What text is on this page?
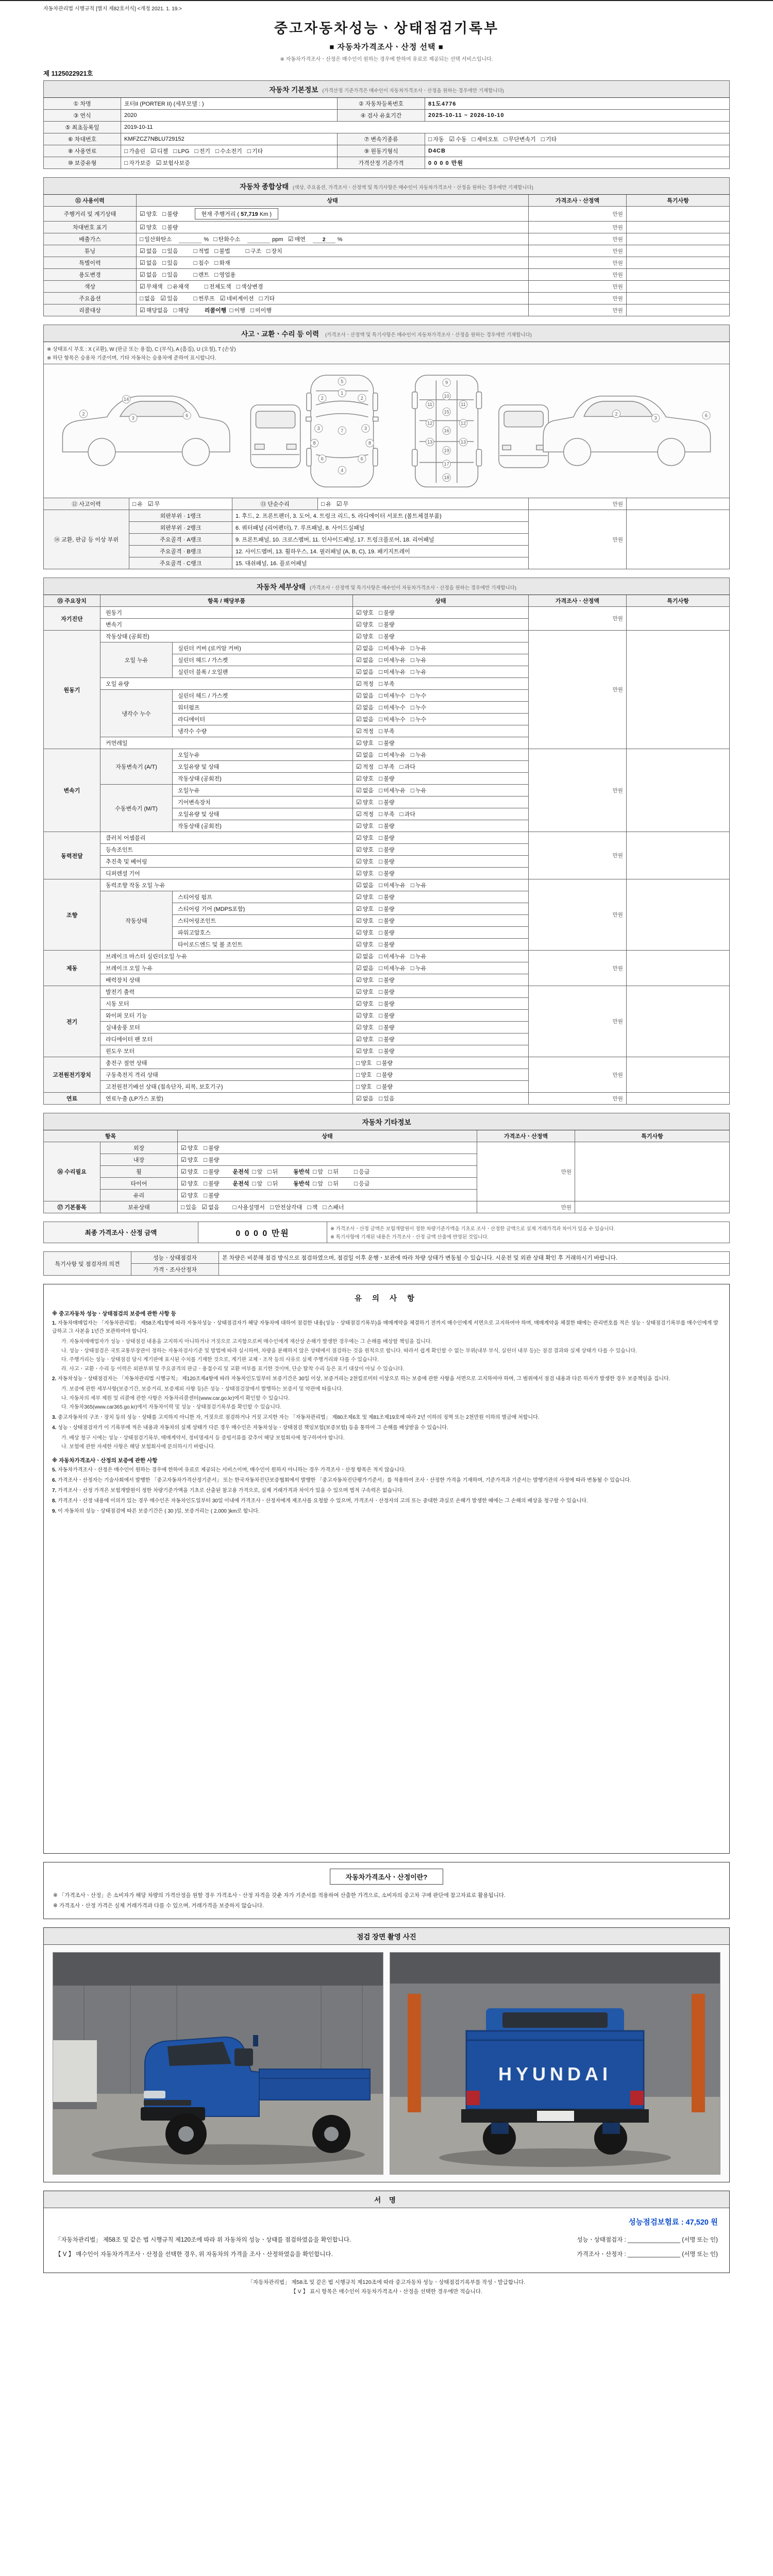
자동차관리법 시행규칙 [별지 제82호서식] <개정 2021. 1. 19.>
중고자동차성능ㆍ상태점검기록부
■ 자동차가격조사ㆍ산정 선택 ■
※ 자동차가격조사ㆍ산정은 매수인이 원하는 경우에 한하여 유료로 제공되는 선택 서비스입니다.
제 1125022921호
자동차 기본정보 (가격산정 기준가격은 매수인이 자동차가격조사ㆍ산정을 원하는 경우에만 기재합니다)			
① 차명	포터II (PORTER II) (세부모델 : )	② 자동차등록번호	81도4776
③ 연식	2020	④ 검사 유효기간	2025-10-11 ~ 2026-10-10
⑤ 최초등록일	2019-10-11		
⑥ 차대번호	KMFZCZ7NBLU729152	⑦ 변속기종류	□ 자동 ☑ 수동 □ 세미오토 □ 무단변속기 □ 기타
⑧ 사용연료	□ 가솔린 ☑ 디젤 □ LPG □ 전기 □ 수소전기 □ 기타	⑨ 원동기형식	D4CB
⑩ 보증유형	□ 자가보증 ☑ 보험사보증	가격산정 기준가격	0 0 0 0 만원
자동차 종합상태 (색상, 주요옵션, 가격조사ㆍ산정액 및 특기사항은 매수인이 자동차가격조사ㆍ산정을 원하는 경우에만 기재합니다)			
⑪ 사용이력	상태	가격조사ㆍ산정액	특기사항
주행거리 및 계기상태	☑ 양호 □ 불량 현재 주행거리 ( 57,719 Km )	만원	
차대번호 표기	☑ 양호 □ 불량	만원	
배출가스	□ 일산화탄소 %   □ 탄화수소 ppm   ☑ 매연 2 %	만원	
튜닝	☑ 없음 □ 있음 □ 적법 □ 불법 □ 구조 □ 장치	만원	
특별이력	☑ 없음 □ 있음 □ 침수 □ 화재	만원	
용도변경	☑ 없음 □ 있음 □ 렌트 □ 영업용	만원	
색상	☑ 무채색 □ 유채색 □ 전체도색 □ 색상변경	만원	
주요옵션	□ 없음 ☑ 있음 □ 썬루프 ☑ 네비게이션 □ 기타	만원	
리콜대상	☑ 해당없음 □ 해당 리콜이행 □ 이행 □ 미이행	만원	
사고ㆍ교환ㆍ수리 등 이력 (가격조사ㆍ산정액 및 특기사항은 매수인이 자동차가격조사ㆍ산정을 원하는 경우에만 기재합니다)					

※ 상태표시 부호 : X (교환), W (판금 또는 용접), C (부식), A (흠집), U (요철), T (손상)
※ 하단 항목은 승용차 기준이며, 기타 자동차는 승용차에 준하여 표시합니다.					

2
3
6
14
5
1
2	2
3	3
7
6	6
4
8	8
9
10
11	11
15
12	12
16
13	13
19
17
18
2
3
6

⑫ 사고이력	□ 유 ☑ 무	⑬ 단순수리	□ 유 ☑ 무	만원	
⑭ 교환, 판금 등 이상 부위	외판부위 · 1랭크	1. 후드, 2. 프론트펜더, 3. 도어, 4. 트렁크 리드, 5. 라디에이터 서포트 (볼트체결부품)		만원	
	외판부위 · 2랭크	6. 쿼터패널 (리어펜더), 7. 루프패널, 8. 사이드실패널			
	주요골격 · A랭크	9. 프론트패널, 10. 크로스멤버, 11. 인사이드패널, 17. 트렁크플로어, 18. 리어패널			
	주요골격 · B랭크	12. 사이드멤버, 13. 휠하우스, 14. 필러패널 (A, B, C), 19. 패키지트레이			
	주요골격 · C랭크	15. 대쉬패널, 16. 플로어패널			
자동차 세부상태 (가격조사ㆍ산정액 및 특기사항은 매수인이 자동차가격조사ㆍ산정을 원하는 경우에만 기재합니다)					
⑮ 주요장치	항목 / 해당부품		상태	가격조사ㆍ산정액	특기사항
자기진단	원동기		☑ 양호 □ 불량	만원	
	변속기		☑ 양호 □ 불량		
원동기	작동상태 (공회전)		☑ 양호 □ 불량	만원	
	오일 누유	실린더 커버 (로커암 커버)	☑ 없음 □ 미세누유 □ 누유		
		실린더 헤드 / 가스켓	☑ 없음 □ 미세누유 □ 누유		
		실린더 블록 / 오일팬	☑ 없음 □ 미세누유 □ 누유		
	오일 유량		☑ 적정 □ 부족		
	냉각수 누수	실린더 헤드 / 가스켓	☑ 없음 □ 미세누수 □ 누수		
		워터펌프	☑ 없음 □ 미세누수 □ 누수		
		라디에이터	☑ 없음 □ 미세누수 □ 누수		
		냉각수 수량	☑ 적정 □ 부족		
	커먼레일		☑ 양호 □ 불량		
변속기	자동변속기 (A/T)	오일누유	☑ 없음 □ 미세누유 □ 누유	만원	
		오일유량 및 상태	☑ 적정 □ 부족 □ 과다		
		작동상태 (공회전)	☑ 양호 □ 불량		
	수동변속기 (M/T)	오일누유	☑ 없음 □ 미세누유 □ 누유		
		기어변속장치	☑ 양호 □ 불량		
		오일유량 및 상태	☑ 적정 □ 부족 □ 과다		
		작동상태 (공회전)	☑ 양호 □ 불량		
동력전달	클러치 어셈블리		☑ 양호 □ 불량	만원	
	등속조인트		☑ 양호 □ 불량		
	추진축 및 베어링		☑ 양호 □ 불량		
	디퍼렌셜 기어		☑ 양호 □ 불량		
조향	동력조향 작동 오일 누유		☑ 없음 □ 미세누유 □ 누유	만원	
	작동상태	스티어링 펌프	☑ 양호 □ 불량		
		스티어링 기어 (MDPS포함)	☑ 양호 □ 불량		
		스티어링조인트	☑ 양호 □ 불량		
		파워고압호스	☑ 양호 □ 불량		
		타이로드엔드 및 볼 조인트	☑ 양호 □ 불량		
제동	브레이크 마스터 실린더오일 누유		☑ 없음 □ 미세누유 □ 누유	만원	
	브레이크 오일 누유		☑ 없음 □ 미세누유 □ 누유		
	배력장치 상태		☑ 양호 □ 불량		
전기	발전기 출력		☑ 양호 □ 불량	만원	
	시동 모터		☑ 양호 □ 불량		
	와이퍼 모터 기능		☑ 양호 □ 불량		
	실내송풍 모터		☑ 양호 □ 불량		
	라디에이터 팬 모터		☑ 양호 □ 불량		
	윈도우 모터		☑ 양호 □ 불량		
고전원전기장치	충전구 절연 상태		□ 양호 □ 불량	만원	
	구동축전지 격리 상태		□ 양호 □ 불량		
	고전원전기배선 상태 (접속단자, 피복, 보호기구)		□ 양호 □ 불량		
연료	연료누출 (LP가스 포함)		☑ 없음 □ 있음	만원	
자동차 기타정보				
항목		상태	가격조사ㆍ산정액	특기사항
⑯ 수리필요	외장	☑ 양호 □ 불량	만원	
	내장	☑ 양호 □ 불량		
	휠	☑ 양호 □ 불량 운전석 □ 앞 □ 뒤 동반석 □ 앞 □ 뒤 □ 응급		
	타이어	☑ 양호 □ 불량 운전석 □ 앞 □ 뒤 동반석 □ 앞 □ 뒤 □ 응급		
	유리	☑ 양호 □ 불량		
⑰ 기본품목	보유상태	□ 있음 ☑ 없음 □ 사용설명서 □ 안전삼각대 □ 잭 □ 스패너	만원	
최종 가격조사ㆍ산정 금액	0 0 0 0 만원	※ 가격조사ㆍ산정 금액은 보험개발원이 정한 차량기준가액을 기초로 조사ㆍ산정한 금액으로 실제 거래가격과 차이가 있을 수 있습니다.
※ 특기사항에 기재된 내용은 가격조사ㆍ산정 금액 산출에 반영된 것입니다.
특기사항 및 점검자의 의견	성능ㆍ상태점검자	본 차량은 비분해 점검 방식으로 점검하였으며, 점검일 이후 운행ㆍ보관에 따라 차량 상태가 변동될 수 있습니다. 시운전 및 외관 상태 확인 후 거래하시기 바랍니다.
	가격ㆍ조사산정자	
유 의 사 항
※ 중고자동차 성능ㆍ상태점검의 보증에 관한 사항 등
1. 자동차매매업자는 「자동차관리법」 제58조제1항에 따라 자동차성능ㆍ상태점검자가 해당 자동차에 대하여 점검한 내용(성능ㆍ상태점검기록부)을 매매계약을 체결하기 전까지 매수인에게 서면으로 고지하여야 하며, 매매계약을 체결한 때에는 관리번호를 적은 성능ㆍ상태점검기록부를 매수인에게 발급하고 그 사본을 1년간 보관하여야 합니다.
가. 자동차매매업자가 성능ㆍ상태점검 내용을 고지하지 아니하거나 거짓으로 고지함으로써 매수인에게 재산상 손해가 발생한 경우에는 그 손해를 배상할 책임을 집니다.
나. 성능ㆍ상태점검은 국토교통부장관이 정하는 자동차검사기준 및 방법에 따라 실시하며, 차량을 분해하지 않은 상태에서 점검하는 것을 원칙으로 합니다. 따라서 쉽게 확인할 수 없는 부위(내부 부식, 실린더 내부 등)는 점검 결과와 실제 상태가 다를 수 있습니다.
다. 주행거리는 성능ㆍ상태점검 당시 계기판에 표시된 수치를 기재한 것으로, 계기판 교체ㆍ조작 등의 사유로 실제 주행거리와 다를 수 있습니다.
라. 사고ㆍ교환ㆍ수리 등 이력은 외판부위 및 주요골격의 판금ㆍ용접수리 및 교환 여부를 표기한 것이며, 단순 탈착 수리 등은 표기 대상이 아닐 수 있습니다.
2. 자동차성능ㆍ상태점검자는 「자동차관리법 시행규칙」 제120조제4항에 따라 자동차인도일부터 보증기간은 30일 이상, 보증거리는 2천킬로미터 이상으로 하는 보증에 관한 사항을 서면으로 고지하여야 하며, 그 범위에서 점검 내용과 다른 하자가 발생한 경우 보증책임을 집니다.
가. 보증에 관한 세부사항(보증기간, 보증거리, 보증제외 사항 등)은 성능ㆍ상태점검장에서 발행하는 보증서 및 약관에 따릅니다.
나. 자동차의 세부 제원 및 리콜에 관한 사항은 자동차리콜센터(www.car.go.kr)에서 확인할 수 있습니다.
다. 자동차365(www.car365.go.kr)에서 자동차이력 및 성능ㆍ상태점검기록부를 확인할 수 있습니다.
3. 중고자동차의 구조ㆍ장치 등의 성능ㆍ상태를 고지하지 아니한 자, 거짓으로 점검하거나 거짓 고지한 자는 「자동차관리법」 제80조제6호 및 제81조제19호에 따라 2년 이하의 징역 또는 2천만원 이하의 벌금에 처합니다.
4. 성능ㆍ상태점검자가 이 기록부에 적은 내용과 자동차의 실제 상태가 다른 경우 매수인은 자동차성능ㆍ상태점검 책임보험(보증보험) 등을 통하여 그 손해를 배상받을 수 있습니다.
가. 배상 청구 시에는 성능ㆍ상태점검기록부, 매매계약서, 정비명세서 등 증빙서류를 갖추어 해당 보험회사에 청구하여야 합니다.
나. 보험에 관한 자세한 사항은 해당 보험회사에 문의하시기 바랍니다.
※ 자동차가격조사ㆍ산정의 보증에 관한 사항
5. 자동차가격조사ㆍ산정은 매수인이 원하는 경우에 한하여 유료로 제공되는 서비스이며, 매수인이 원하지 아니하는 경우 가격조사ㆍ산정 항목은 적지 않습니다.
6. 가격조사ㆍ산정자는 기술사회에서 발행한 「중고자동차가격산정기준서」 또는 한국자동차진단보증협회에서 발행한 「중고자동차진단평가기준서」를 적용하여 조사ㆍ산정한 가격을 기재하며, 기준가격과 기준서는 발행기관의 사정에 따라 변동될 수 있습니다.
7. 가격조사ㆍ산정 가격은 보험개발원이 정한 차량기준가액을 기초로 산출된 참고용 가격으로, 실제 거래가격과 차이가 있을 수 있으며 법적 구속력은 없습니다.
8. 가격조사ㆍ산정 내용에 이의가 있는 경우 매수인은 자동차인도일부터 30일 이내에 가격조사ㆍ산정자에게 재조사를 요청할 수 있으며, 가격조사ㆍ산정자의 고의 또는 중대한 과실로 손해가 발생한 때에는 그 손해의 배상을 청구할 수 있습니다.
9. 이 자동차의 성능ㆍ상태점검에 따른 보증기간은 ( 30 )일, 보증거리는 ( 2,000 )km로 합니다.
자동차가격조사ㆍ산정이란?
※ 「가격조사ㆍ산정」은 소비자가 해당 차량의 가격산정을 원할 경우 가격조사ㆍ산정 자격을 갖춘 자가 기준서를 적용하여 산출한 가격으로, 소비자의 중고차 구매 판단에 참고자료로 활용됩니다.
※ 가격조사ㆍ산정 가격은 실제 거래가격과 다를 수 있으며, 거래가격을 보증하지 않습니다.
점검 장면 촬영 사진
HYUNDAI
서 명
성능점검보험료 : 47,520 원
「자동차관리법」 제58조 및 같은 법 시행규칙 제120조에 따라 위 자동차의 성능ㆍ상태를 점검하였음을 확인합니다.	성능ㆍ상태점검자 : ________________ (서명 또는 인)
【 V 】 매수인이 자동차가격조사ㆍ산정을 선택한 경우, 위 자동차의 가격을 조사ㆍ산정하였음을 확인합니다.	가격조사ㆍ산정자 : ________________ (서명 또는 인)
「자동차관리법」 제58조 및 같은 법 시행규칙 제120조에 따라 중고자동차 성능ㆍ상태점검기록부를 작성ㆍ발급합니다.
【 V 】 표시 항목은 매수인이 자동차가격조사ㆍ산정을 선택한 경우에만 적습니다.
